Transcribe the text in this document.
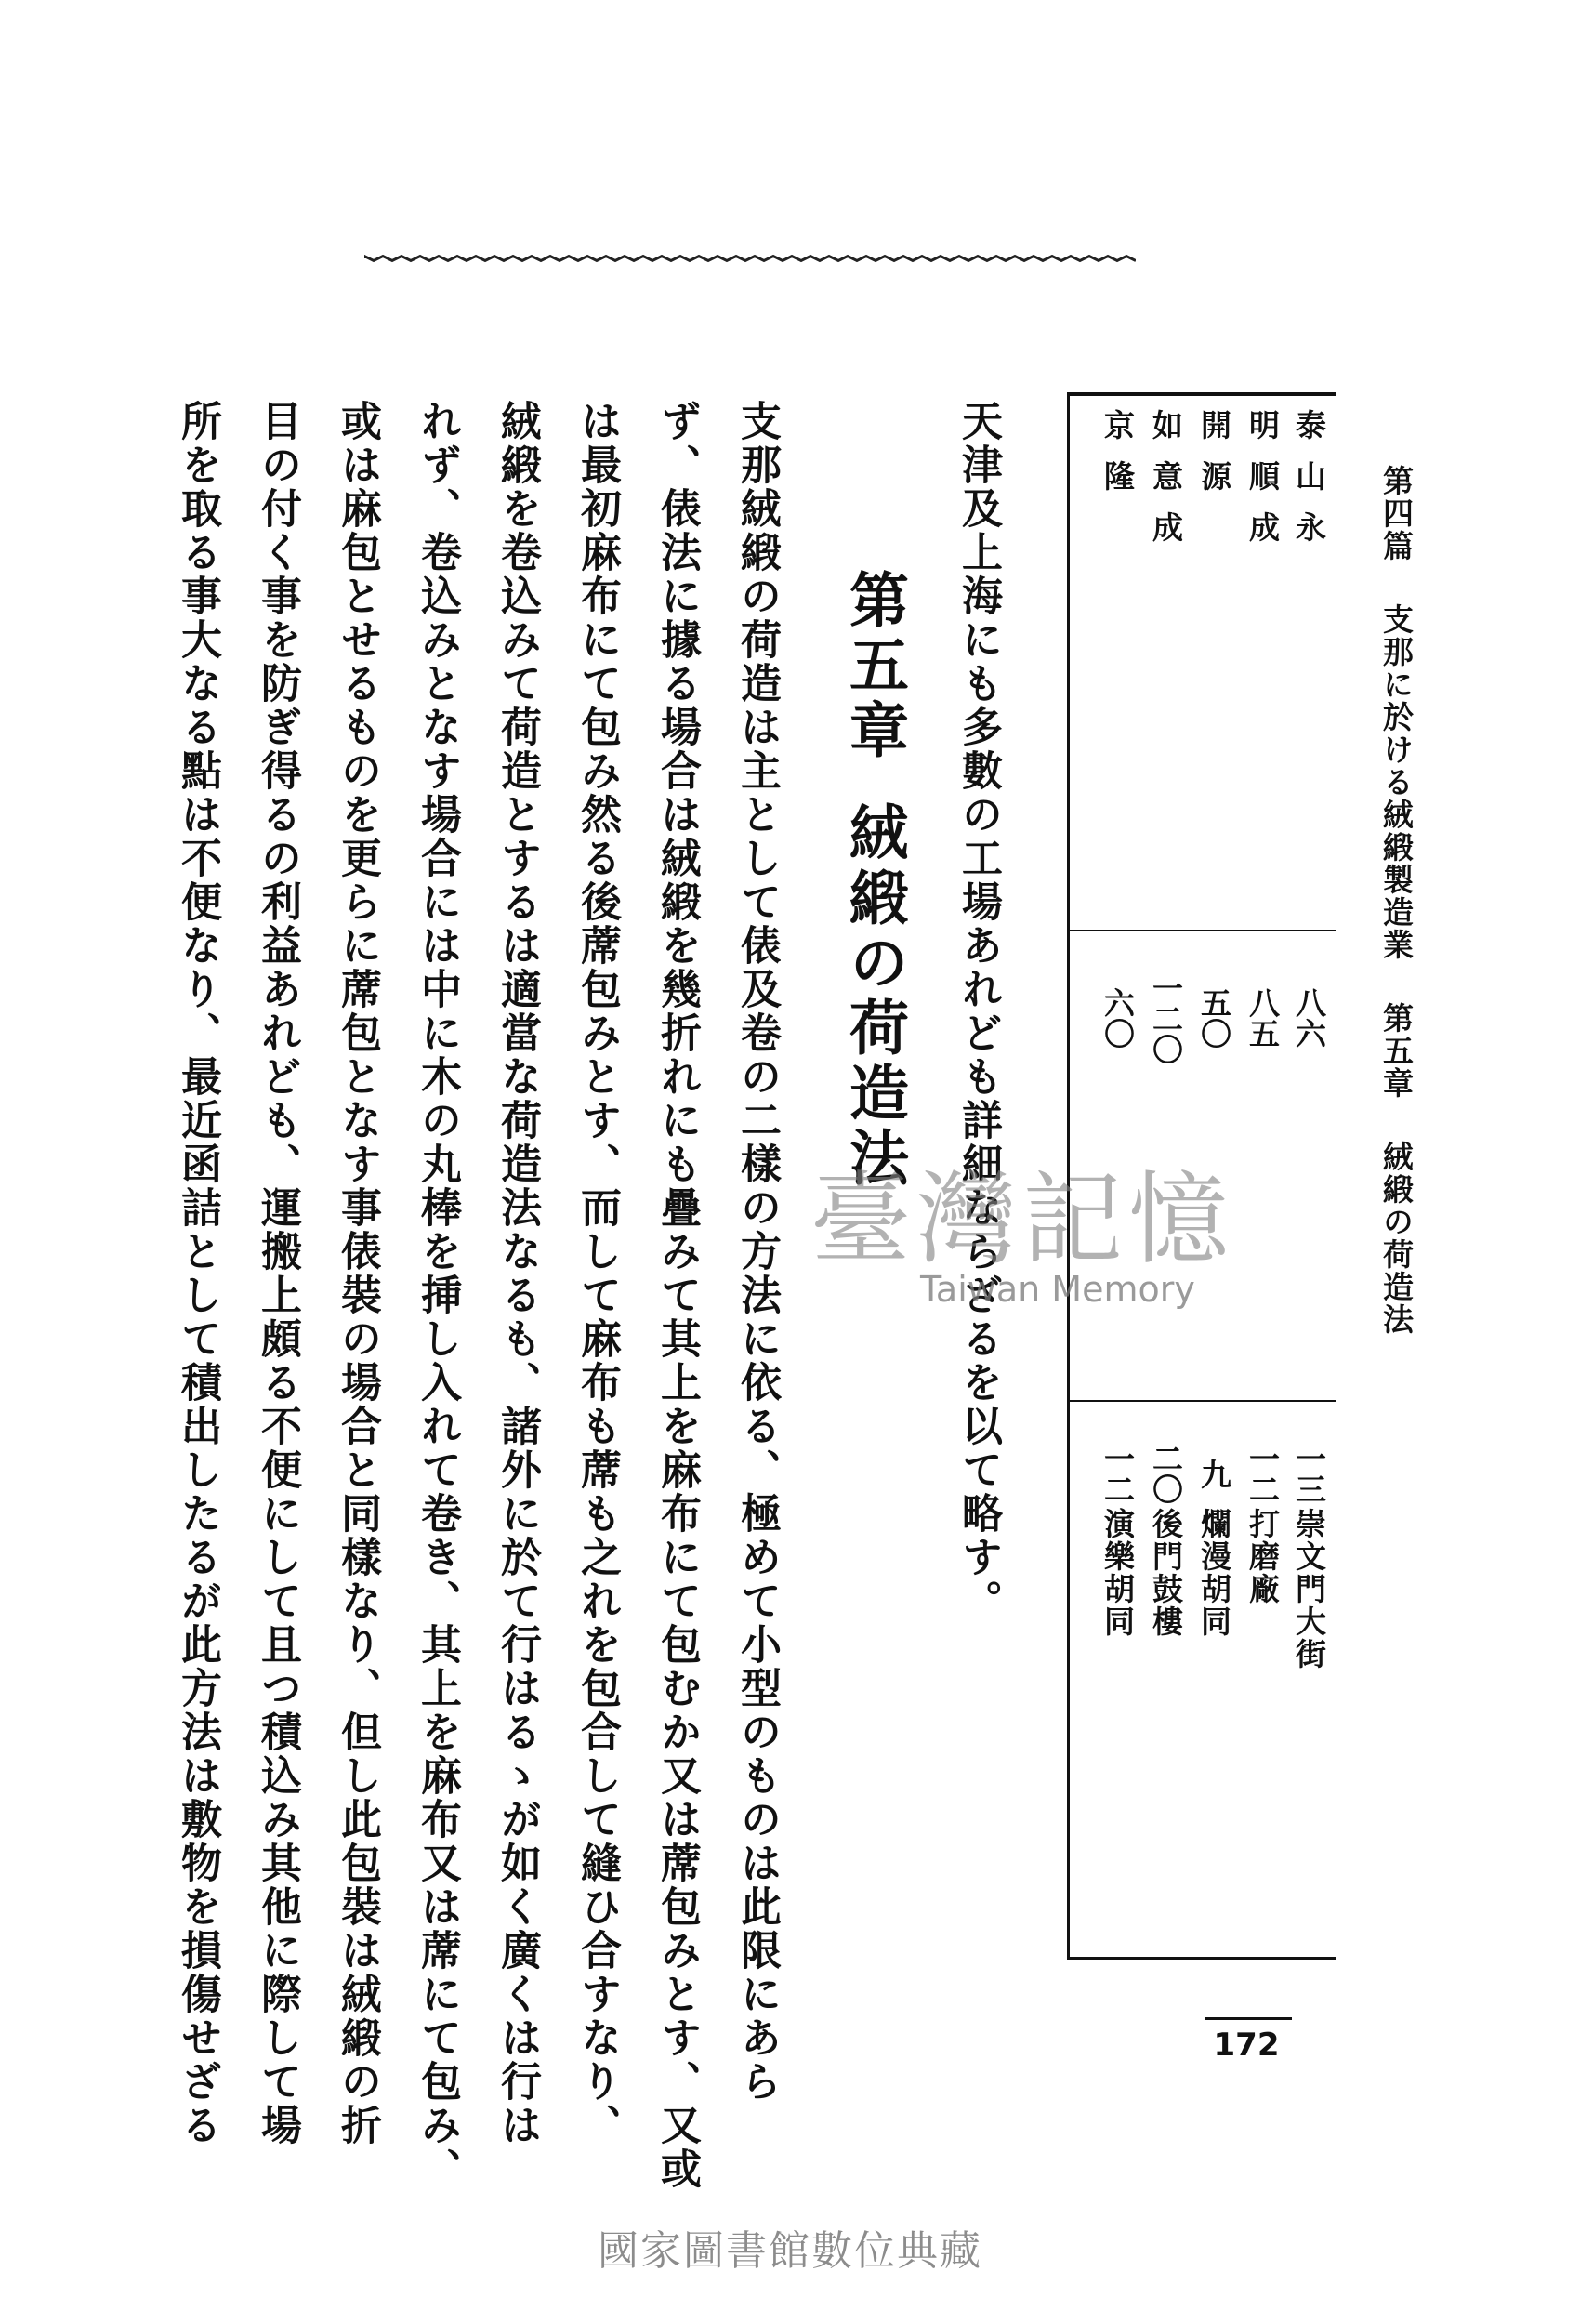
第四篇支那に於ける絨緞製造業第五章絨緞の荷造法
泰山永
八六
一三
崇文門大街
明順成
八五
一二
打磨廠
開源
五〇
九
爛漫胡同
如意成
一二〇
二〇
後門鼓樓
京隆
六〇
一二
演樂胡同
天津及上海にも多數の工場あれども詳細ならざるを以て略す。
第五章絨緞の荷造法
支那絨緞の荷造は主として俵及卷の二樣の方法に依る、極めて小型のものは此限にあら
ず、俵法に據る場合は絨緞を幾折れにも疊みて其上を麻布にて包むか又は蓆包みとす、又或
は最初麻布にて包み然る後蓆包みとす、而して麻布も蓆も之れを包合して縫ひ合すなり、
絨緞を卷込みて荷造とするは適當な荷造法なるも、諸外に於て行はるゝが如く廣くは行は
れず、卷込みとなす場合には中に木の丸棒を挿し入れて卷き、其上を麻布又は蓆にて包み、
或は麻包とせるものを更らに蓆包となす事俵裝の場合と同樣なり、但し此包裝は絨緞の折
目の付く事を防ぎ得るの利益あれども、運搬上頗る不便にして且つ積込み其他に際して場
所を取る事大なる點は不便なり、最近函詰として積出したるが此方法は敷物を損傷せざる	172
臺灣記憶
Taiwan Memory
國家圖書館數位典藏
